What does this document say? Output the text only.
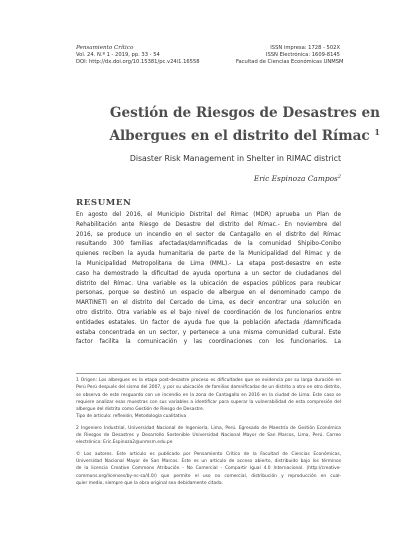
Pensamiento Crítico
Vol. 24. N.º 1 - 2019, pp. 33 - 54
DOI: http://dx.doi.org/10.15381/pc.v24i1.16558
ISSN impresa: 1728 - 502X
ISSN Electrónica: 1609-8145
Facultad de Ciencias Económicas UNMSM
Gestión de Riesgos de Desastres en
Albergues en el distrito del Rímac $^1$
Disaster Risk Management in Shelter in RIMAC district
Eric Espinoza Campos$^2$
RESUMEN
En agosto del 2016, el Municipio Distrital del Rímac (MDR) aprueba un Plan de
Rehabilitación ante Riesgo de Desastre del distrito del Rímac.- En noviembre del
2016, se produce un incendio en el sector de Cantagallo en el distrito del Rímac
resultando 300 familias afectadas/damnificadas de la comunidad Shipibo-Conibo
quienes reciben la ayuda humanitaria de parte de la Municipalidad del Rímac y de
la Municipalidad Metropolitana de Lima (MML).- La etapa post-desastre en este
caso ha demostrado la dificultad de ayuda oportuna a un sector de ciudadanos del
distrito del Rímac. Una variable es la ubicación de espacios públicos para reubicar
personas, porque se destinó un espacio de albergue en el denominado campo de
MARTINETI en el distrito del Cercado de Lima, es decir encontrar una solución en
otro distrito. Otra variable es el bajo nivel de coordinación de los funcionarios entre
entidades estatales. Un factor de ayuda fue que la población afectada /damnificada
estaba concentrada en un sector, y pertenece a una misma comunidad cultural. Este
factor facilita la comunicación y las coordinaciones con los funcionarios. La
1 Origen: Los albergues es la etapa post-desastre proceso es dificultades que se evidencia por su larga duración en
Perú Perú después del sismo del 2007, y por su ubicación de familias damnificadas de un distrito a otro en otro distrito,
se observa de este resguardo con un incendio en la zona de Cantagallo en 2016 en la ciudad de Lima. Este caso se
requiere analizar esas muestras con sus variables a identificar para superar la vulnerabilidad de esta compresión del
albergue del distrito como Gestión de Riesgo de Desastre.
Tipo de artículo: reflexión, Metodología cualitativa
2 Ingeniero Industrial, Universidad Nacional de Ingeniería, Lima, Perú. Egresado de Maestría de Gestión Económica
de Riesgos de Desastres y Desarrollo Sostenible Universidad Nacional Mayor de San Marcos, Lima, Perú. Correo
electrónico: Eric.Espinoza2@unmsm.edu.pe
© Los autores. Este artículo es publicado por Pensamiento Crítico de la Facultad de Ciencias Económicas,
Universidad Nacional Mayor de San Marcos. Este es un artículo de acceso abierto, distribuido bajo los términos
de la licencia Creative Commons Atribución - No Comercial - Compartir Igual 4.0 Internacional. (http://creative-
commons.org/licenses/by-nc-sa/4.0/) que permite el uso no comercial, distribución y reproducción en cual-
quier medio, siempre que la obra original sea debidamente citada.
